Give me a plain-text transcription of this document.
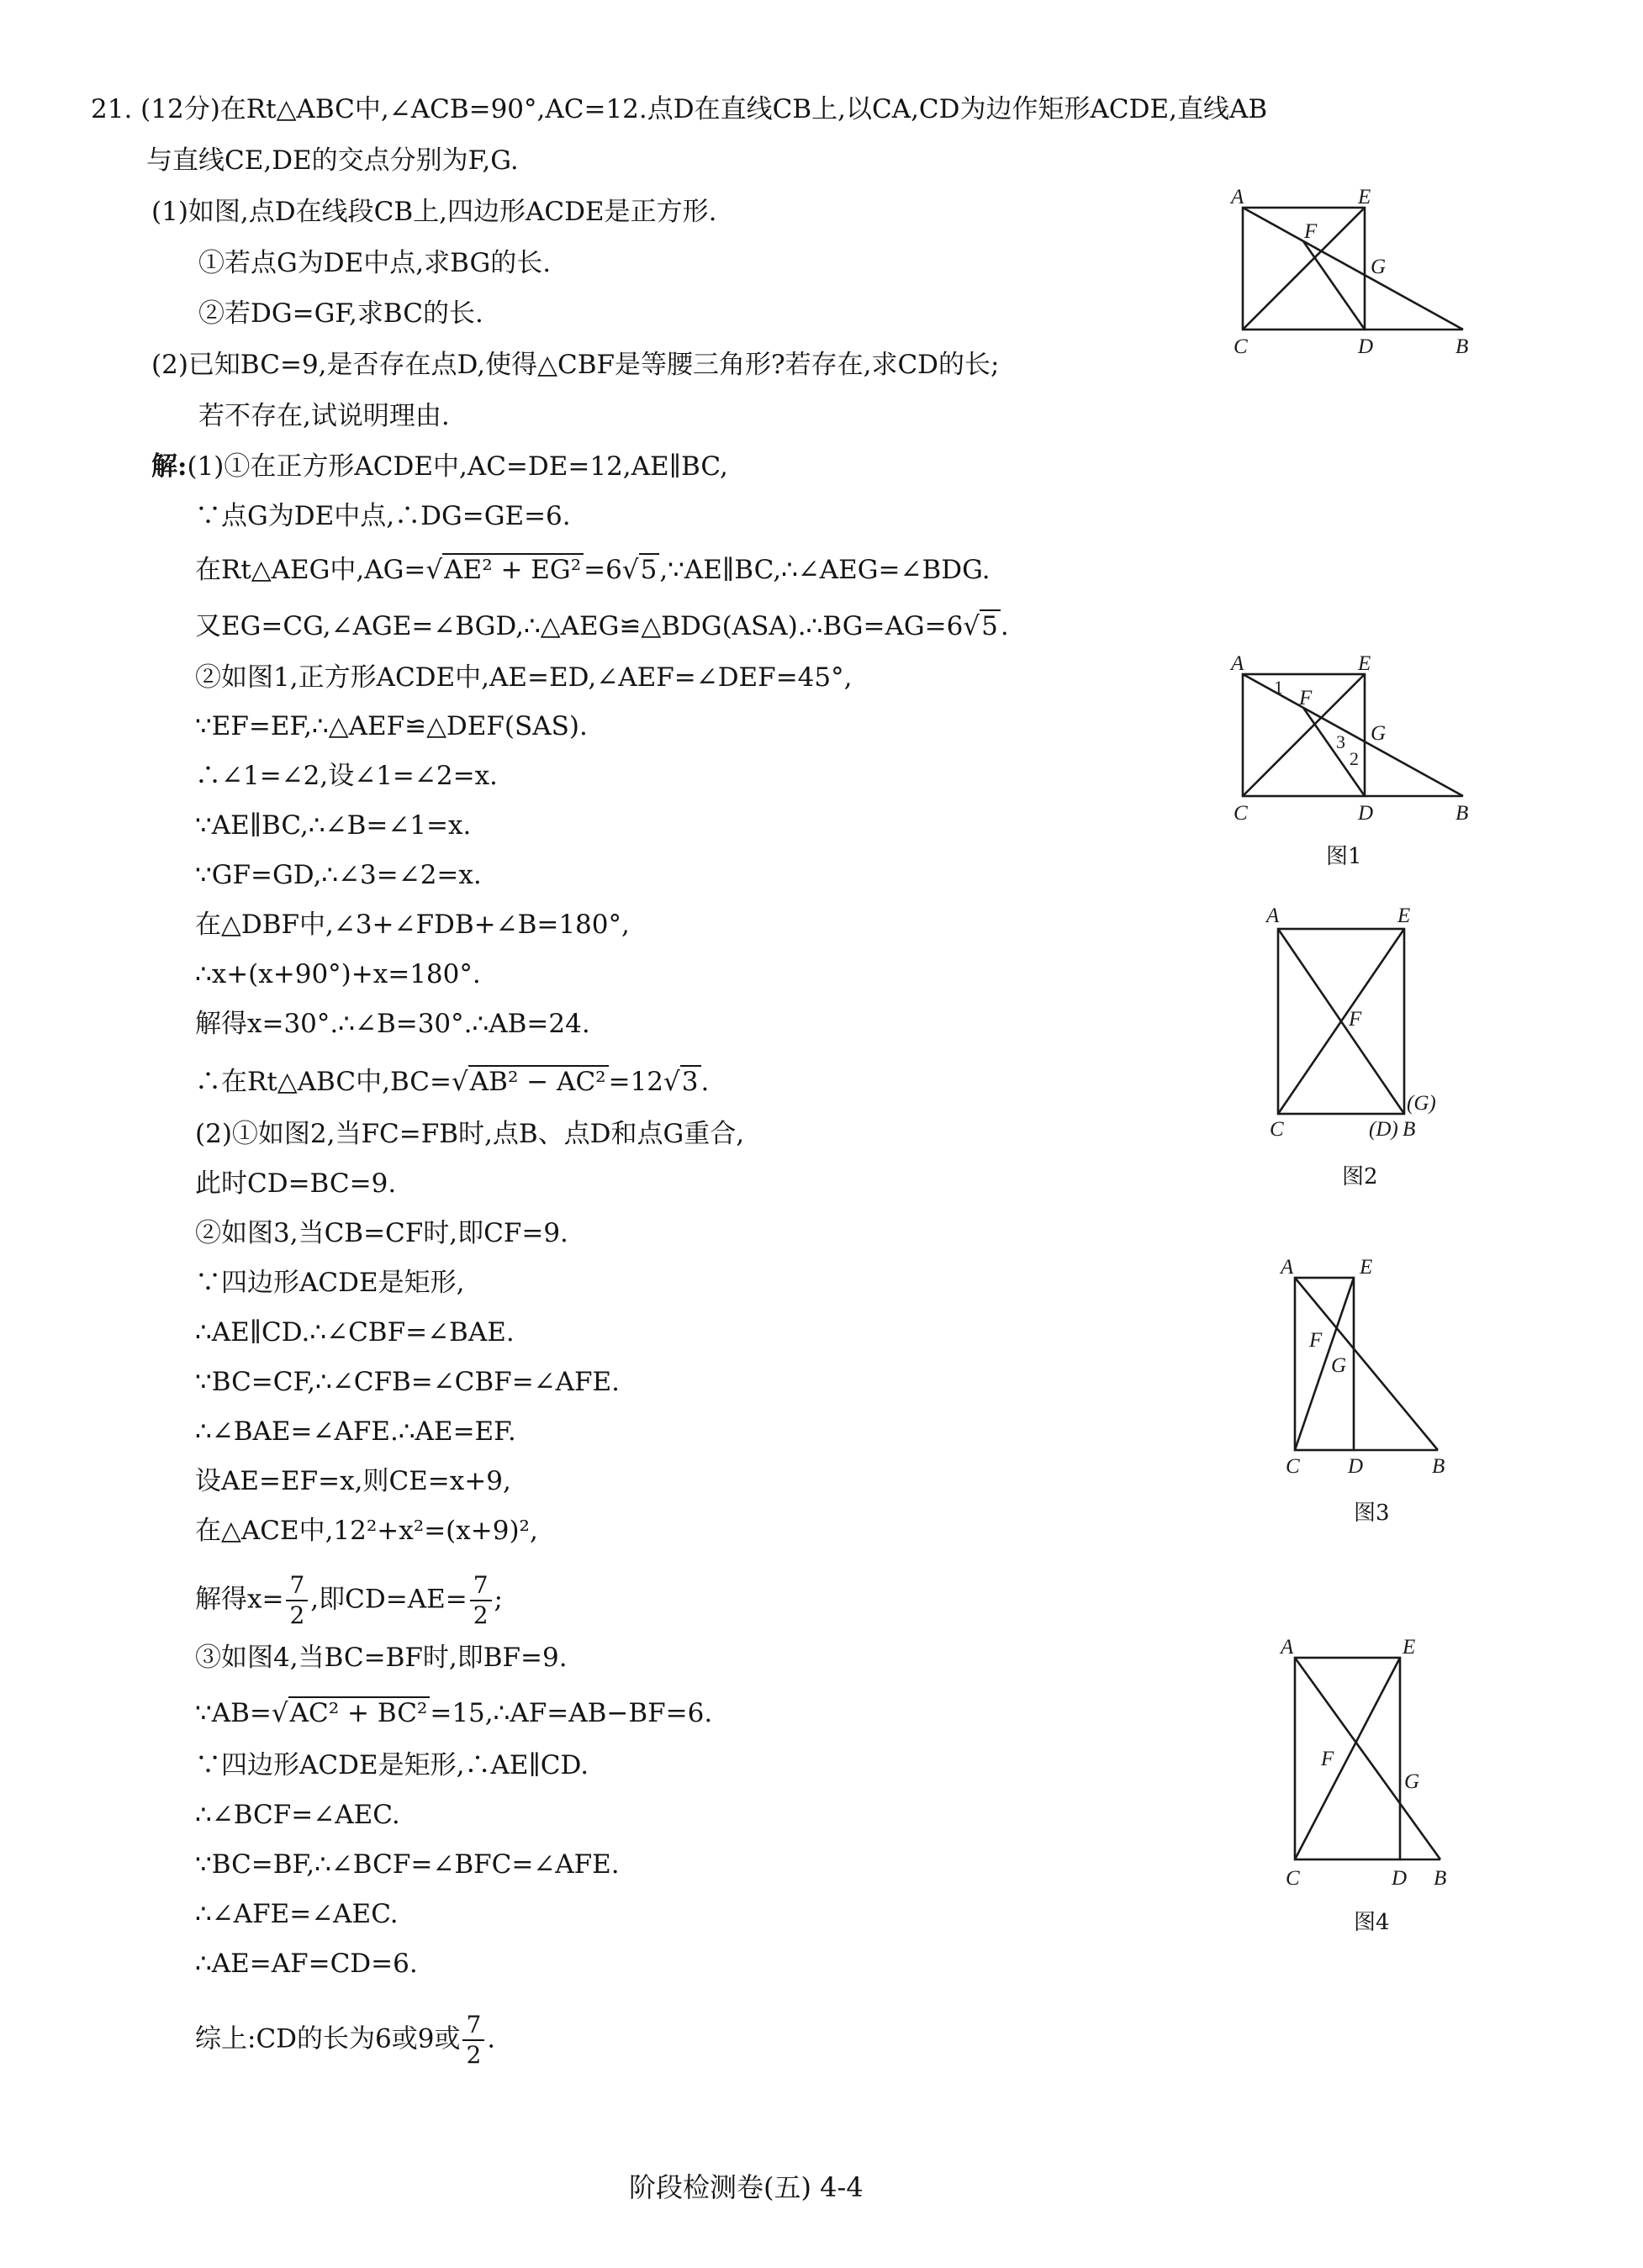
21. (12分)在Rt△ABC中,∠ACB=90°,AC=12.点D在直线CB上,以CA,CD为边作矩形ACDE,直线AB
与直线CE,DE的交点分别为F,G.
(1)如图,点D在线段CB上,四边形ACDE是正方形.
①若点G为DE中点,求BG的长.
②若DG=GF,求BC的长.
(2)已知BC=9,是否存在点D,使得△CBF是等腰三角形?若存在,求CD的长;
若不存在,试说明理由.
解:(1)①在正方形ACDE中,AC=DE=12,AE∥BC,
∵点G为DE中点,∴DG=GE=6.
在Rt△AEG中,AG=√AE² + EG²=6√5,∵AE∥BC,∴∠AEG=∠BDG.
又EG=CG,∠AGE=∠BGD,∴△AEG≌△BDG(ASA).∴BG=AG=6√5.
②如图1,正方形ACDE中,AE=ED,∠AEF=∠DEF=45°,
∵EF=EF,∴△AEF≌△DEF(SAS).
∴∠1=∠2,设∠1=∠2=x.
∵AE∥BC,∴∠B=∠1=x.
∵GF=GD,∴∠3=∠2=x.
在△DBF中,∠3+∠FDB+∠B=180°,
∴x+(x+90°)+x=180°.
解得x=30°.∴∠B=30°.∴AB=24.
∴在Rt△ABC中,BC=√AB² − AC²=12√3.
(2)①如图2,当FC=FB时,点B、点D和点G重合,
此时CD=BC=9.
②如图3,当CB=CF时,即CF=9.
∵四边形ACDE是矩形,
∴AE∥CD.∴∠CBF=∠BAE.
∵BC=CF,∴∠CFB=∠CBF=∠AFE.
∴∠BAE=∠AFE.∴AE=EF.
设AE=EF=x,则CE=x+9,
在△ACE中,12²+x²=(x+9)²,
解得$x= \frac{7}{2}$ ,即$CD=AE= \frac{7}{2}$ ;
③如图4,当BC=BF时,即BF=9.
∵AB=√AC² + BC²=15,∴AF=AB−BF=6.
∵四边形ACDE是矩形,∴AE∥CD.
∴∠BCF=∠AEC.
∵BC=BF,∴∠BCF=∠BFC=∠AFE.
∴∠AFE=∠AEC.
∴AE=AF=CD=6.
综上:CD的长为6或9或 $\frac{7}{2}$ .
A	E
F
G
C	D	B
A	E
F
G
C	D	B
1
2
3
图1
A	E
F
(G)
C	(D) B
图2
A	E
F
G
C D	B
图3
A	E
F
G
C	D B
图4
阶段检测卷(五) 4-4
